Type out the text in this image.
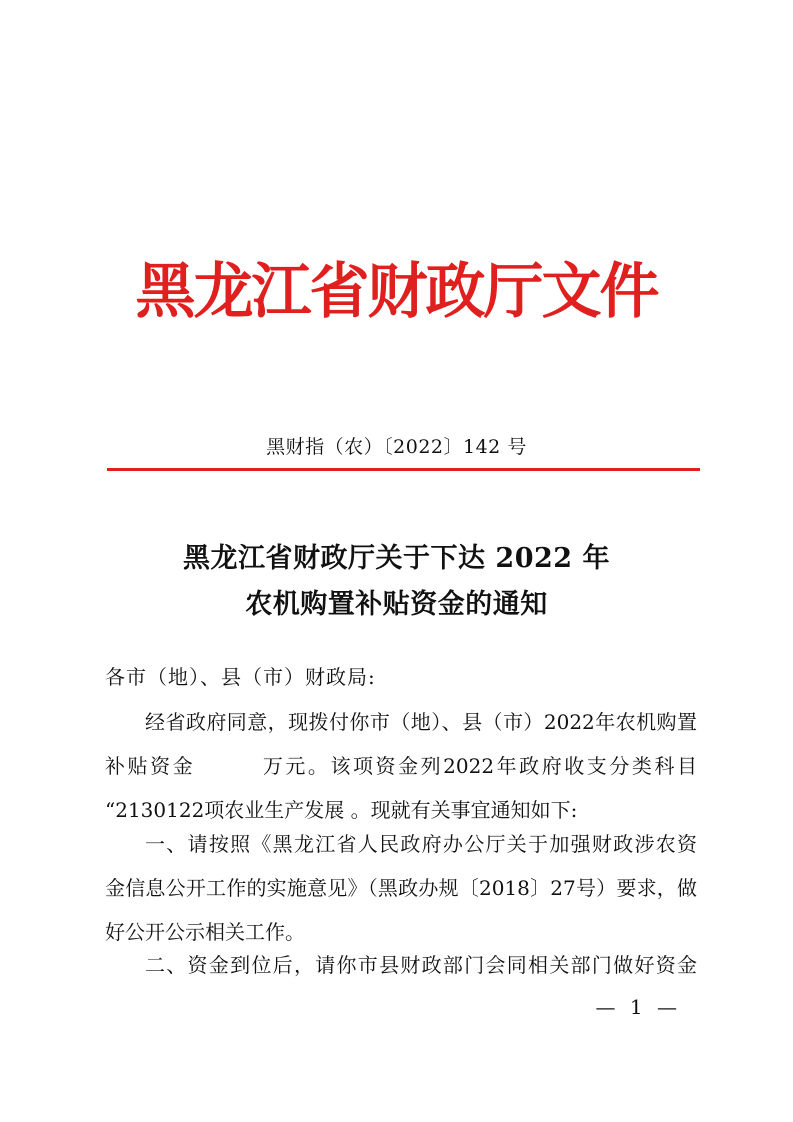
黑龙江省财政厅文件
黑财指（农）〔2022〕142 号
黑龙江省财政厅关于下达 2022 年
农机购置补贴资金的通知
各市（地）、县（市）财政局:
经省政府同意，现拨付你市（地）、县（市）2022年农机购置
补贴资金　　　万元。该项资金列2022年政府收支分类科目
“2130122项农业生产发展 。现就有关事宜通知如下:
一、请按照《黑龙江省人民政府办公厅关于加强财政涉农资
金信息公开工作的实施意见》（黑政办规〔2018〕27号）要求，做
好公开公示相关工作。
二、资金到位后，请你市县财政部门会同相关部门做好资金
— 1 —
